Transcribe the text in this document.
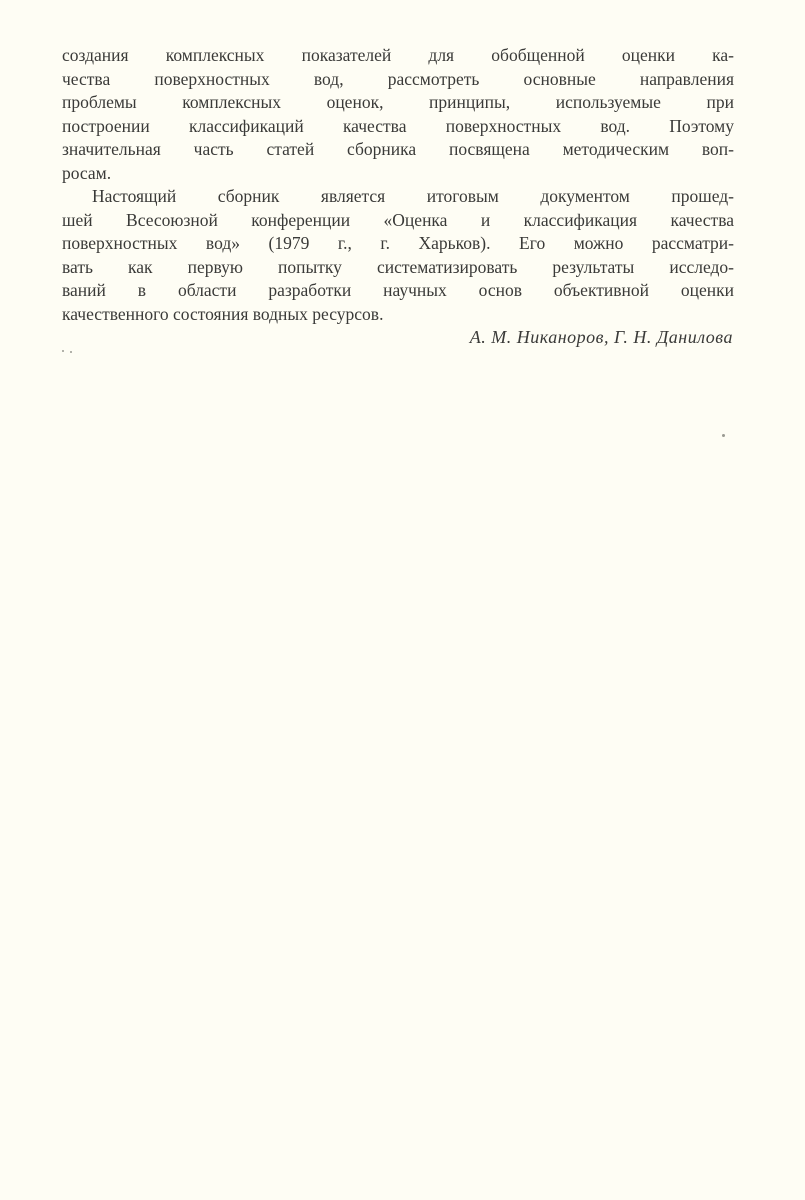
создания комплексных показателей для обобщенной оценки ка-
чества поверхностных вод, рассмотреть основные направления
проблемы комплексных оценок, принципы, используемые при
построении классификаций качества поверхностных вод. Поэтому
значительная часть статей сборника посвящена методическим воп-
росам.
Настоящий сборник является итоговым документом прошед-
шей Всесоюзной конференции «Оценка и классификация качества
поверхностных вод» (1979 г., г. Харьков). Его можно рассматри-
вать как первую попытку систематизировать результаты исследо-
ваний в области разработки научных основ объективной оценки
качественного состояния водных ресурсов.
А. М. Никаноров, Г. Н. Данилова
